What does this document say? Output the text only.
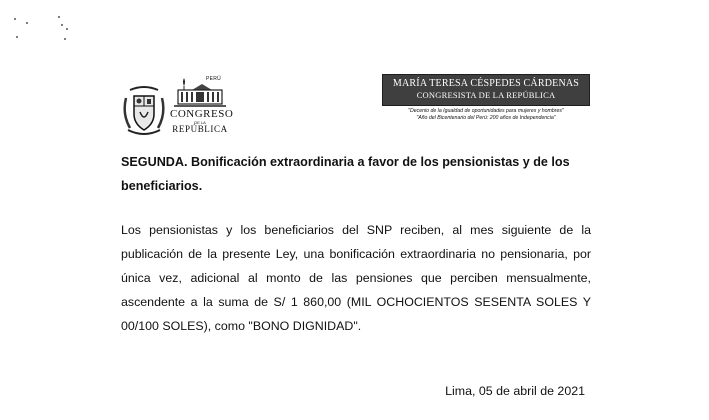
PERÚ
CONGRESO
DE LA
REPÚBLICA
MARÍA TERESA CÉSPEDES CÁRDENAS
CONGRESISTA DE LA REPÚBLICA
"Decenio de la Igualdad de oportunidades para mujeres y hombres"
"Año del Bicentenario del Perú: 200 años de Independencia"
SEGUNDA. Bonificación extraordinaria a favor de los pensionistas y de los beneficiarios.
Los pensionistas y los beneficiarios del SNP reciben, al mes siguiente de la publicación de la presente Ley, una bonificación extraordinaria no pensionaria, por única vez, adicional al monto de las pensiones que perciben mensualmente, ascendente a la suma de S/ 1 860,00 (MIL OCHOCIENTOS SESENTA SOLES Y 00/100 SOLES), como "BONO DIGNIDAD".
Lima, 05 de abril de 2021
